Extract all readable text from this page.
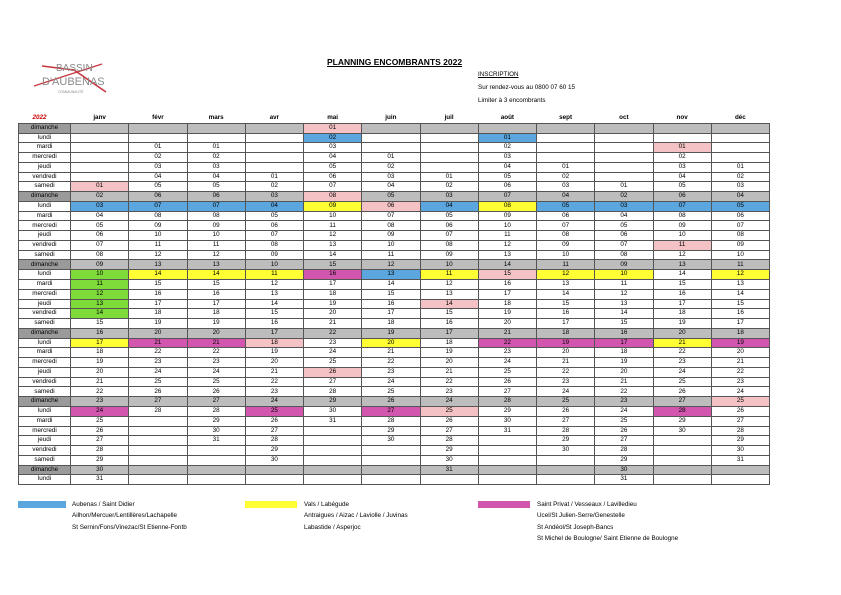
BASSIN
D'AUBENAS
COMMUNAUTÉ
PLANNING ENCOMBRANTS 2022
INSCRIPTION
Sur rendez-vous au 0800 07 60 15
Limiter à 3 encombrants
2022	janv	févr	mars	avr	mai	juin	juil	août	sept	oct	nov	déc
dimanche					01							
lundi					02			01				
mardi		01	01		03			02			01	
mercredi		02	02		04	01		03			02	
jeudi		03	03		05	02		04	01		03	01
vendredi		04	04	01	06	03	01	05	02		04	02
samedi	01	05	05	02	07	04	02	06	03	01	05	03
dimanche	02	06	06	03	08	05	03	07	04	02	06	04
lundi	03	07	07	04	09	06	04	08	05	03	07	05
mardi	04	08	08	05	10	07	05	09	06	04	08	06
mercredi	05	09	09	06	11	08	06	10	07	05	09	07
jeudi	06	10	10	07	12	09	07	11	08	06	10	08
vendredi	07	11	11	08	13	10	08	12	09	07	11	09
samedi	08	12	12	09	14	11	09	13	10	08	12	10
dimanche	09	13	13	10	15	12	10	14	11	09	13	11
lundi	10	14	14	11	16	13	11	15	12	10	14	12
mardi	11	15	15	12	17	14	12	16	13	11	15	13
mercredi	12	16	16	13	18	15	13	17	14	12	16	14
jeudi	13	17	17	14	19	16	14	18	15	13	17	15
vendredi	14	18	18	15	20	17	15	19	16	14	18	16
samedi	15	19	19	16	21	18	16	20	17	15	19	17
dimanche	16	20	20	17	22	19	17	21	18	16	20	18
lundi	17	21	21	18	23	20	18	22	19	17	21	19
mardi	18	22	22	19	24	21	19	23	20	18	22	20
mercredi	19	23	23	20	25	22	20	24	21	19	23	21
jeudi	20	24	24	21	26	23	21	25	22	20	24	22
vendredi	21	25	25	22	27	24	22	26	23	21	25	23
samedi	22	26	26	23	28	25	23	27	24	22	26	24
dimanche	23	27	27	24	29	26	24	28	25	23	27	25
lundi	24	28	28	25	30	27	25	29	26	24	28	26
mardi	25		29	26	31	28	26	30	27	25	29	27
mercredi	26		30	27		29	27	31	28	26	30	28
jeudi	27		31	28		30	28		29	27		29
vendredi	28			29			29		30	28		30
samedi	29			30			30			29		31
dimanche	30						31			30		
lundi	31									31		
Aubenas / Saint Didier
Ailhon/Mercuer/Lentillères/Lachapelle
St Sernin/Fons/Vinezac/St Etienne-Fontb
Vals / Labégude
Antraigues / Aizac / Laviolle / Juvinas
Labastide / Asperjoc
Saint Privat / Vesseaux / Lavilledieu
Ucel/St Julien-Serre/Genestelle
St Andéol/St Joseph-Bancs
St Michel de Boulogne/ Saint Etienne de Boulogne
